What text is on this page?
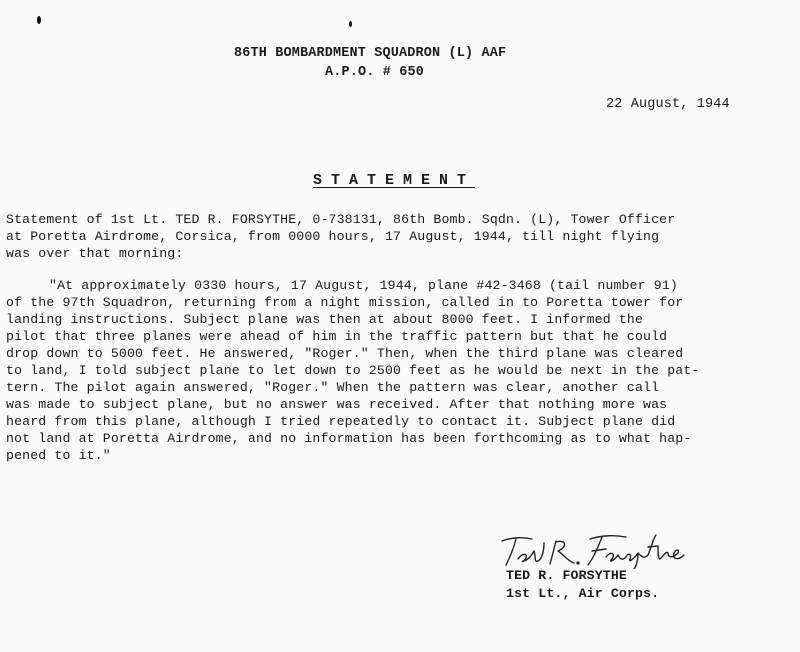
86TH BOMBARDMENT SQUADRON (L) AAF
A.P.O. # 650
22 August, 1944
STATEMENT
Statement of 1st Lt. TED R. FORSYTHE, 0-738131, 86th Bomb. Sqdn. (L), Tower Officer
at Poretta Airdrome, Corsica, from 0000 hours, 17 August, 1944, till night flying
was over that morning:
"At approximately 0330 hours, 17 August, 1944, plane #42-3468 (tail number 91)
of the 97th Squadron, returning from a night mission, called in to Poretta tower for
landing instructions. Subject plane was then at about 8000 feet. I informed the
pilot that three planes were ahead of him in the traffic pattern but that he could
drop down to 5000 feet. He answered, "Roger." Then, when the third plane was cleared
to land, I told subject plane to let down to 2500 feet as he would be next in the pat-
tern. The pilot again answered, "Roger." When the pattern was clear, another call
was made to subject plane, but no answer was received. After that nothing more was
heard from this plane, although I tried repeatedly to contact it. Subject plane did
not land at Poretta Airdrome, and no information has been forthcoming as to what hap-
pened to it."
TED R. FORSYTHE
1st Lt., Air Corps.
